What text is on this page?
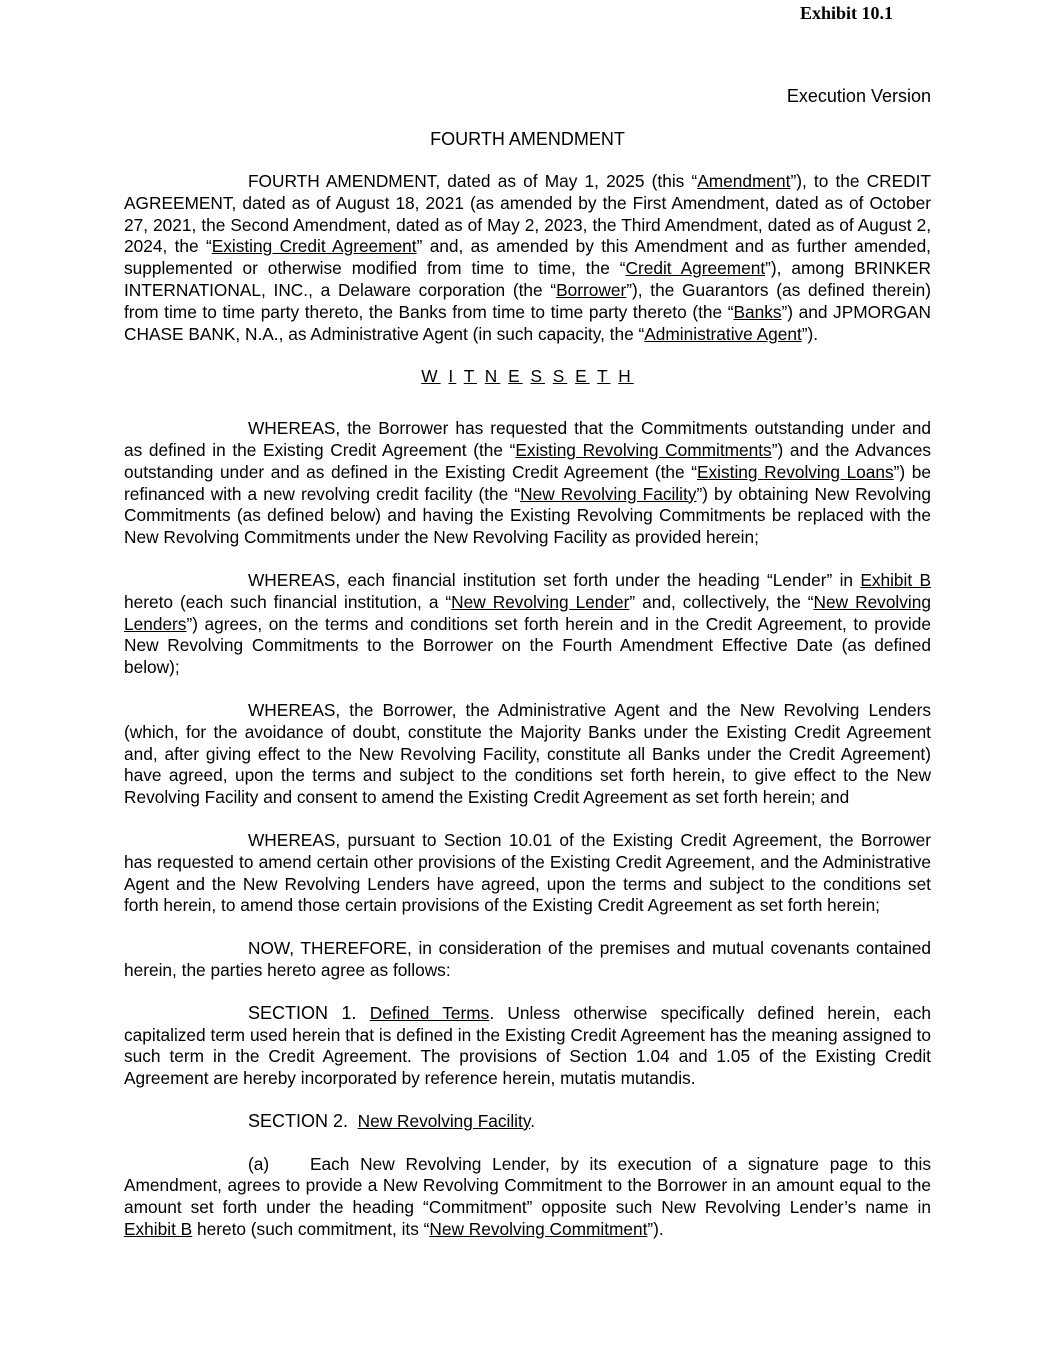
Exhibit 10.1
Execution Version
FOURTH AMENDMENT

FOURTH AMENDMENT, dated as of May 1, 2025 (this “Amendment”), to the CREDIT AGREEMENT, dated as of August 18, 2021 (as amended by the First Amendment, dated as of October 27, 2021, the Second Amendment, dated as of May 2, 2023, the Third Amendment, dated as of August 2, 2024, the “Existing Credit Agreement” and, as amended by this Amendment and as further amended, supplemented or otherwise modified from time to time, the “Credit Agreement”), among BRINKER INTERNATIONAL, INC., a Delaware corporation (the “Borrower”), the Guarantors (as defined therein) from time to time party thereto, the Banks from time to time party thereto (the “Banks”) and JPMORGAN CHASE BANK, N.A., as Administrative Agent (in such capacity, the “Administrative Agent”).

W I T N E S S E T H

WHEREAS, the Borrower has requested that the Commitments outstanding under and as defined in the Existing Credit Agreement (the “Existing Revolving Commitments”) and the Advances outstanding under and as defined in the Existing Credit Agreement (the “Existing Revolving Loans”) be refinanced with a new revolving credit facility (the “New Revolving Facility”) by obtaining New Revolving Commitments (as defined below) and having the Existing Revolving Commitments be replaced with the New Revolving Commitments under the New Revolving Facility as provided herein;

WHEREAS, each financial institution set forth under the heading “Lender” in Exhibit B hereto (each such financial institution, a “New Revolving Lender” and, collectively, the “New Revolving Lenders”) agrees, on the terms and conditions set forth herein and in the Credit Agreement, to provide New Revolving Commitments to the Borrower on the Fourth Amendment Effective Date (as defined below);

WHEREAS, the Borrower, the Administrative Agent and the New Revolving Lenders (which, for the avoidance of doubt, constitute the Majority Banks under the Existing Credit Agreement and, after giving effect to the New Revolving Facility, constitute all Banks under the Credit Agreement) have agreed, upon the terms and subject to the conditions set forth herein, to give effect to the New Revolving Facility and consent to amend the Existing Credit Agreement as set forth herein; and

WHEREAS, pursuant to Section 10.01 of the Existing Credit Agreement, the Borrower has requested to amend certain other provisions of the Existing Credit Agreement, and the Administrative Agent and the New Revolving Lenders have agreed, upon the terms and subject to the conditions set forth herein, to amend those certain provisions of the Existing Credit Agreement as set forth herein;

NOW, THEREFORE, in consideration of the premises and mutual covenants contained herein, the parties hereto agree as follows:

SECTION 1. Defined Terms. Unless otherwise specifically defined herein, each capitalized term used herein that is defined in the Existing Credit Agreement has the meaning assigned to such term in the Credit Agreement. The provisions of Section 1.04 and 1.05 of the Existing Credit Agreement are hereby incorporated by reference herein, mutatis mutandis.

SECTION 2. New Revolving Facility.

(a) Each New Revolving Lender, by its execution of a signature page to this Amendment, agrees to provide a New Revolving Commitment to the Borrower in an amount equal to the amount set forth under the heading “Commitment” opposite such New Revolving Lender’s name in Exhibit B hereto (such commitment, its “New Revolving Commitment”).
